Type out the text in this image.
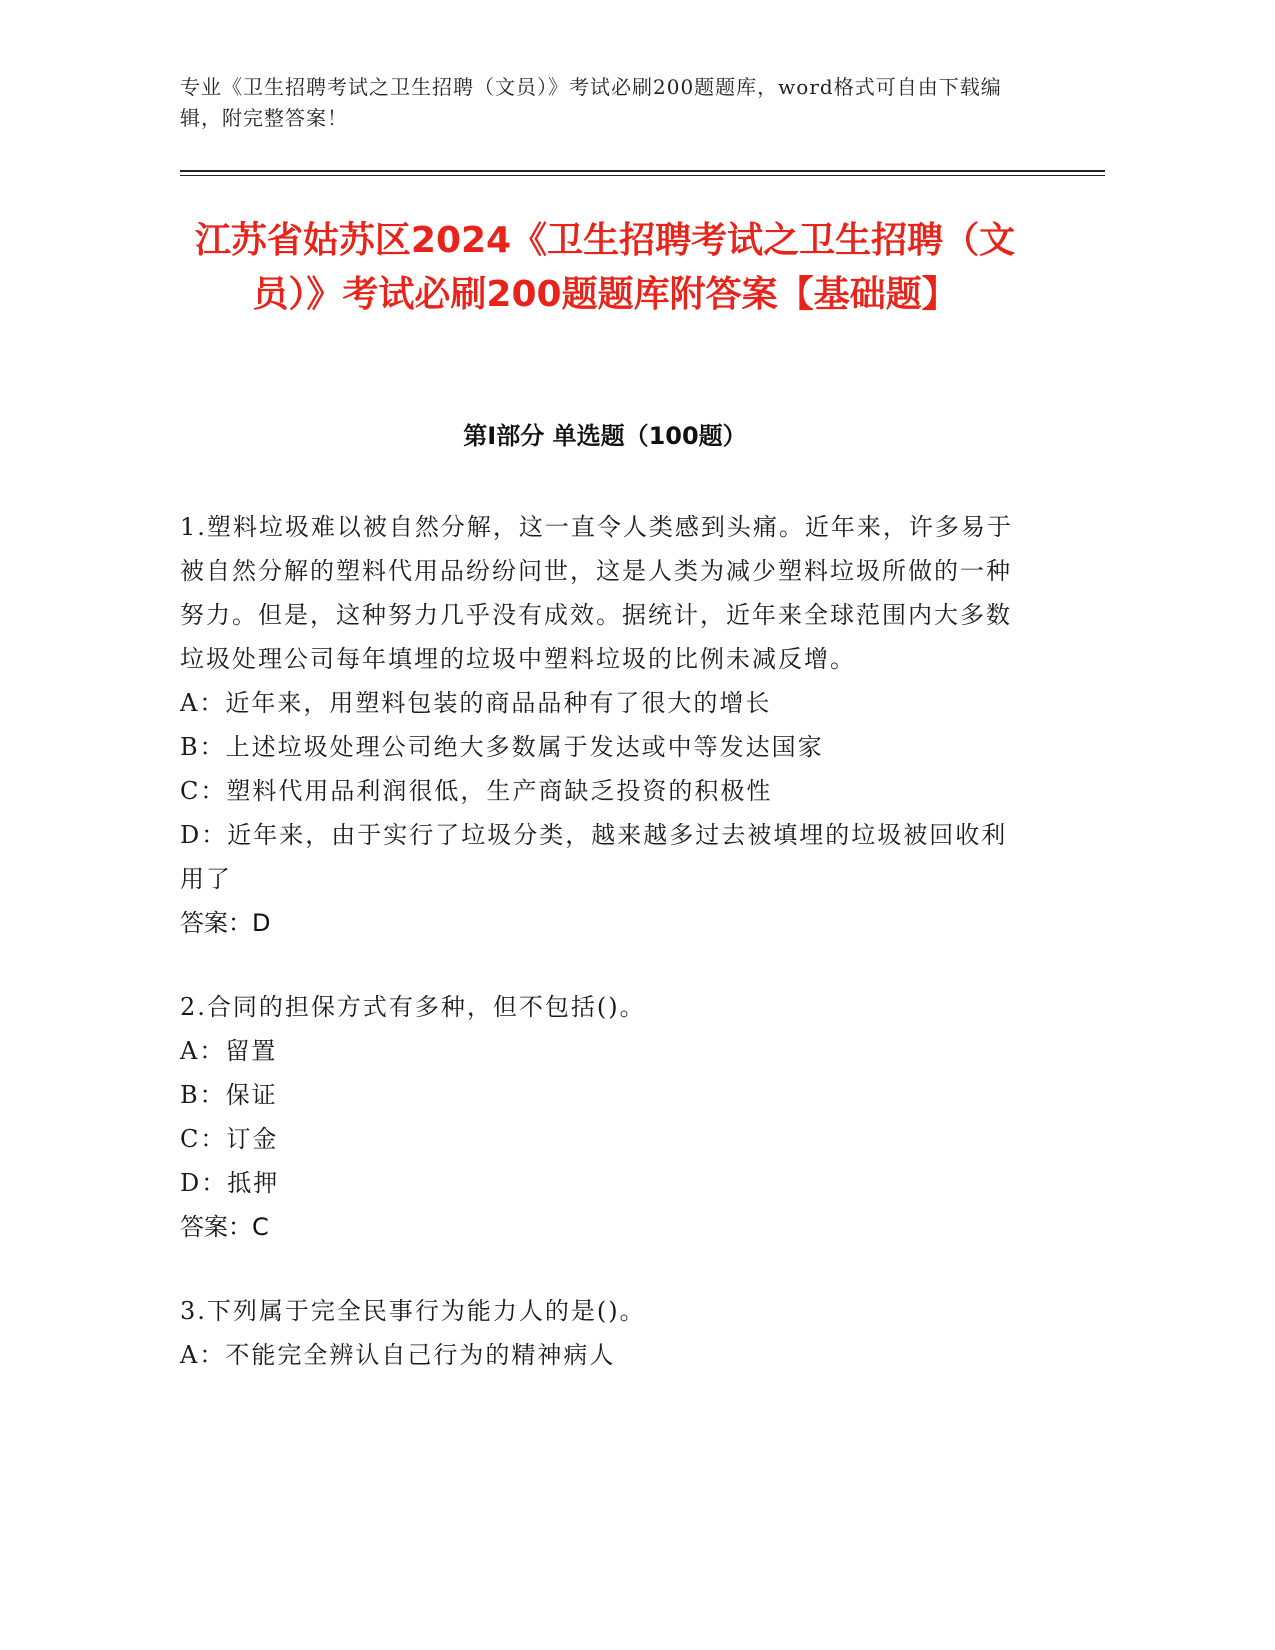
专业《卫生招聘考试之卫生招聘（文员）》考试必刷200题题库，word格式可自由下载编辑，附完整答案！
江苏省姑苏区2024《卫生招聘考试之卫生招聘（文员）》考试必刷200题题库附答案【基础题】
第Ⅰ部分 单选题（100题）

1.塑料垃圾难以被自然分解，这一直令人类感到头痛。近年来，许多易于被自然分解的塑料代用品纷纷问世，这是人类为减少塑料垃圾所做的一种努力。但是，这种努力几乎没有成效。据统计，近年来全球范围内大多数垃圾处理公司每年填埋的垃圾中塑料垃圾的比例未减反增。

A：近年来，用塑料包装的商品品种有了很大的增长

B：上述垃圾处理公司绝大多数属于发达或中等发达国家

C：塑料代用品利润很低，生产商缺乏投资的积极性

D：近年来，由于实行了垃圾分类，越来越多过去被填埋的垃圾被回收利用了

答案：D

2.合同的担保方式有多种，但不包括()。

A：留置

B：保证

C：订金

D：抵押

答案：C

3.下列属于完全民事行为能力人的是()。

A：不能完全辨认自己行为的精神病人
